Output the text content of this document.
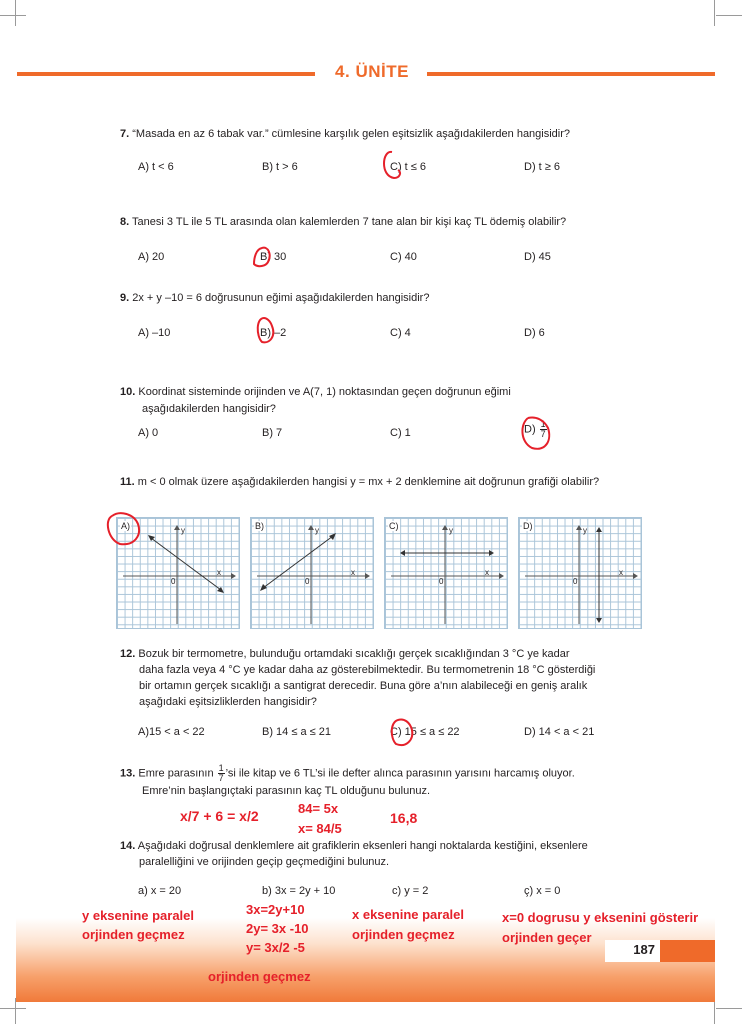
4. ÜNİTE
7. “Masada en az 6 tabak var.” cümlesine karşılık gelen eşitsizlik aşağıdakilerden hangisidir?
A) t < 6	B) t > 6	C) t ≤ 6	D) t ≥ 6
8. Tanesi 3 TL ile 5 TL arasında olan kalemlerden 7 tane alan bir kişi kaç TL ödemiş olabilir?
A) 20	B) 30	C) 40	D) 45
9. 2x + y –10 = 6 doğrusunun eğimi aşağıdakilerden hangisidir?
A) –10	B) –2	C) 4	D) 6
10. Koordinat sisteminde orijinden ve A(7, 1) noktasından geçen doğrunun eğimi
aşağıdakilerden hangisidir?
A) 0	B) 7	C) 1	$D) \frac{1}{7}$
11. m < 0 olmak üzere aşağıdakilerden hangisi y = mx + 2 denklemine ait doğrunun grafiği olabilir?
A)	y
x
0
B)	y
x
0
C)	y
x
0
D)	y
x
0
12. Bozuk bir termometre, bulunduğu ortamdaki sıcaklığı gerçek sıcaklığından 3 °C ye kadar
daha fazla veya 4 °C ye kadar daha az gösterebilmektedir. Bu termometrenin 18 °C gösterdiği
bir ortamın gerçek sıcaklığı a santigrat derecedir. Buna göre a’nın alabileceği en geniş aralık
aşağıdaki eşitsizliklerden hangisidir?
A)15 < a < 22	B) 14 ≤ a ≤ 21	C) 15 ≤ a ≤ 22	D) 14 < a < 21
13. Emre parasının $\frac{1}{7}$ ’si ile kitap ve 6 TL’si ile defter alınca parasının yarısını harcamış oluyor.
Emre’nin başlangıçtaki parasının kaç TL olduğunu bulunuz.
14. Aşağıdaki doğrusal denklemlere ait grafiklerin eksenleri hangi noktalarda kestiğini, eksenlere
paralelliğini ve orijinden geçip geçmediğini bulunuz.
a) x = 20	b) 3x = 2y + 10	c) y = 2	ç) x = 0
187
x/7 + 6 = x/2	84= 5x
x= 84/5
16,8
y eksenine paralel
orjinden geçmez
3x=2y+10
2y= 3x -10
y= 3x/2 -5
orjinden geçmez
x eksenine paralel
orjinden geçmez
x=0 dogrusu y eksenini gösterir
orjinden geçer
